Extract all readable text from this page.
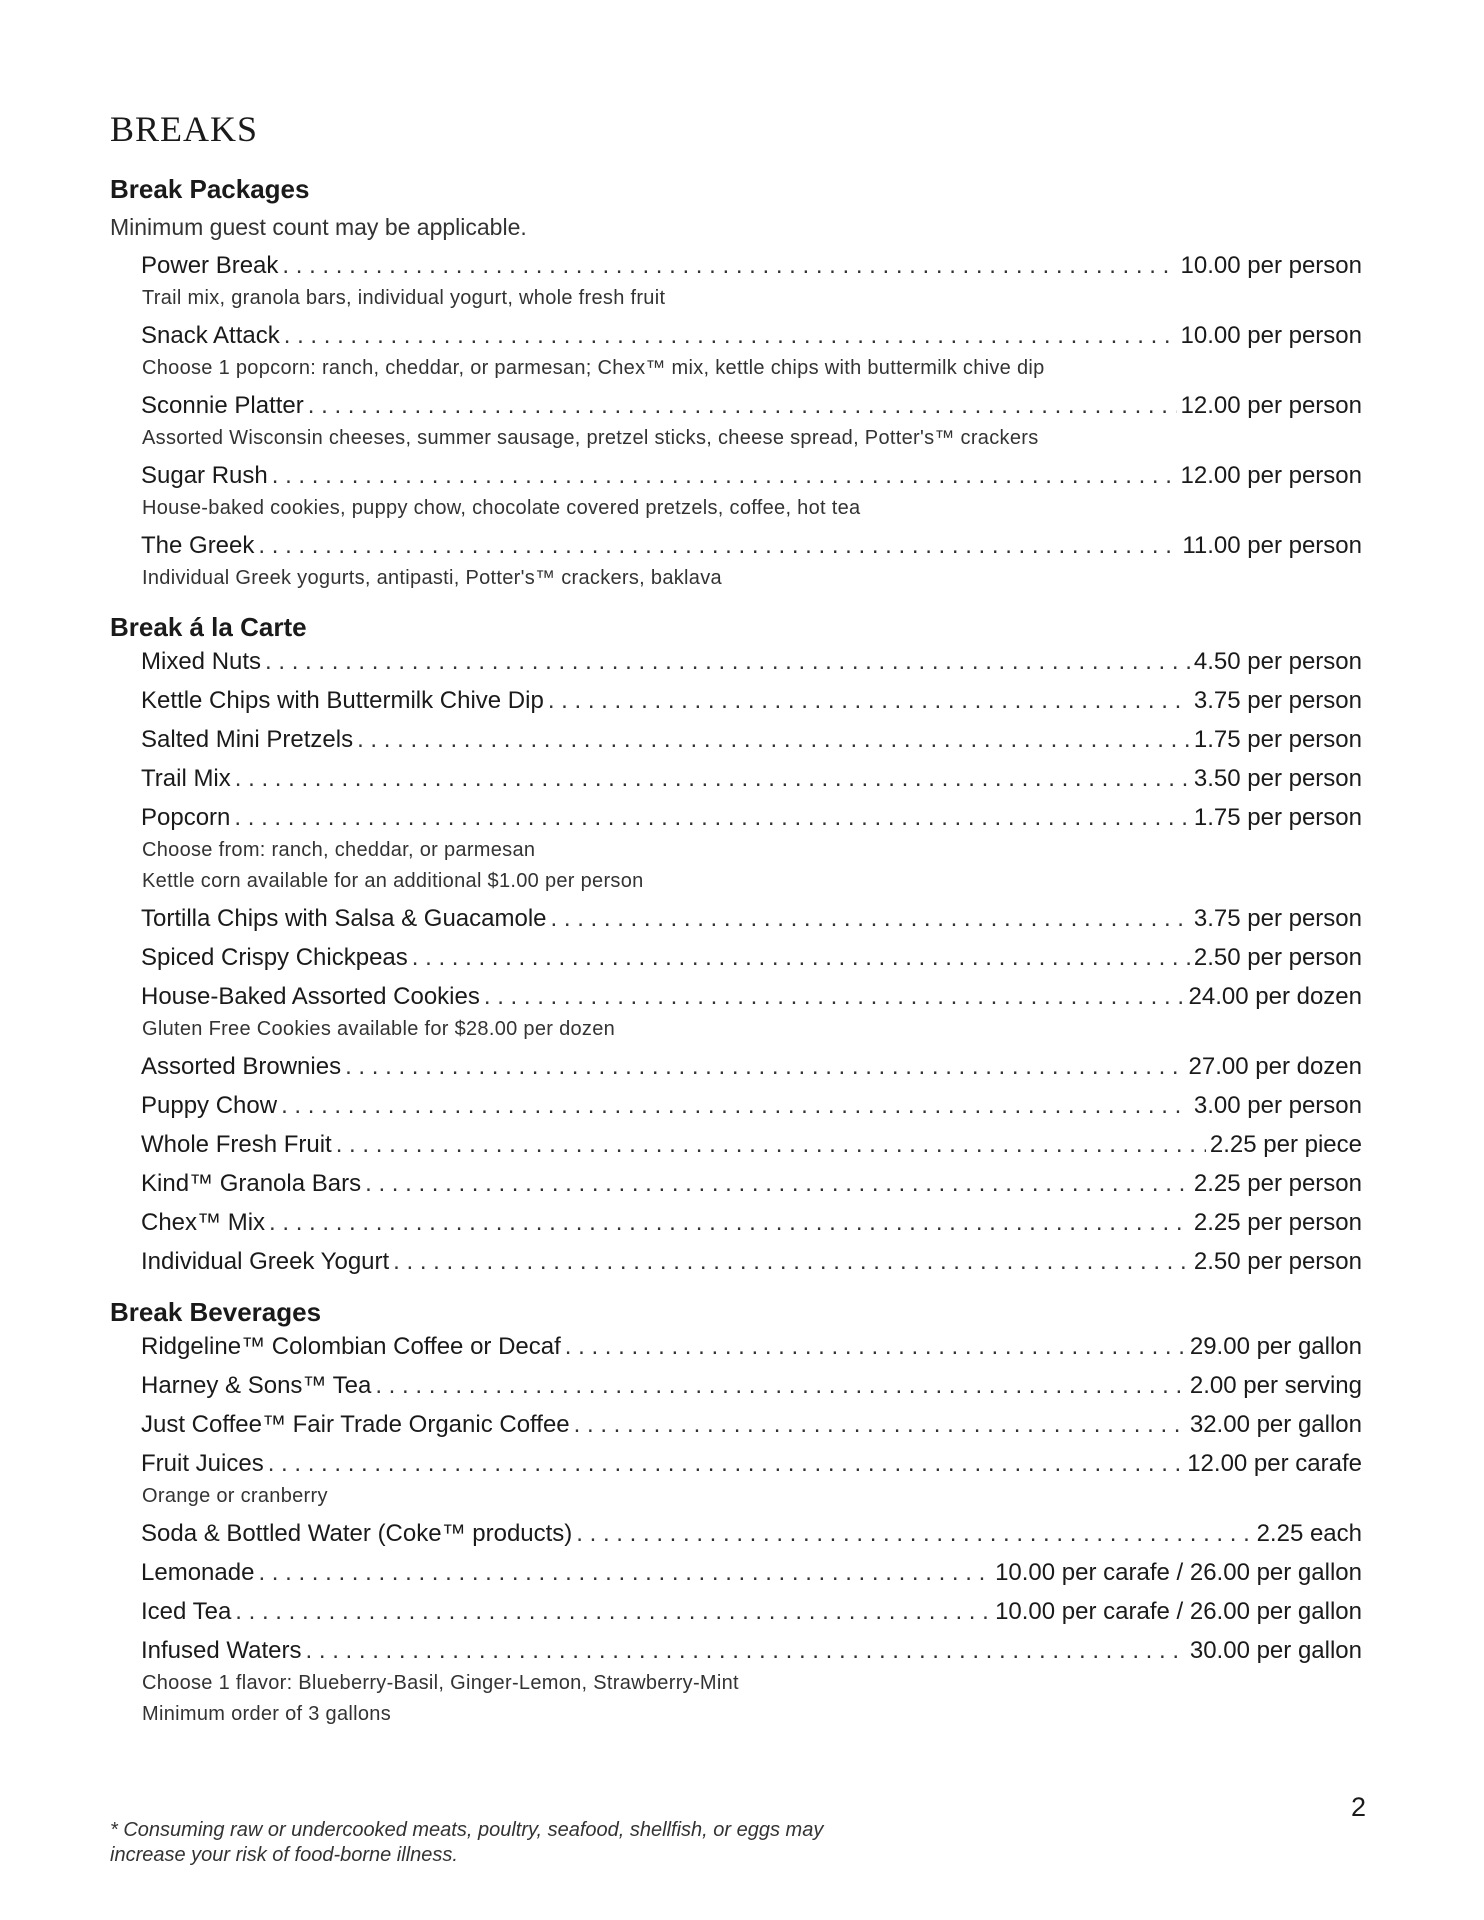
BREAKS
Break Packages
Minimum guest count may be applicable.
Power Break . . .	10.00 per person
Trail mix, granola bars, individual yogurt, whole fresh fruit
Snack Attack . . .	10.00 per person
Choose 1 popcorn: ranch, cheddar, or parmesan; Chex™ mix, kettle chips with buttermilk chive dip
Sconnie Platter . . .	12.00 per person
Assorted Wisconsin cheeses, summer sausage, pretzel sticks, cheese spread, Potter's™ crackers
Sugar Rush . . .	12.00 per person
House-baked cookies, puppy chow, chocolate covered pretzels, coffee, hot tea
The Greek . . .	11.00 per person
Individual Greek yogurts, antipasti, Potter's™ crackers, baklava
Break á la Carte
Mixed Nuts . . .	4.50 per person
Kettle Chips with Buttermilk Chive Dip . . .	3.75 per person
Salted Mini Pretzels . . .	1.75 per person
Trail Mix . . .	3.50 per person
Popcorn . . .	1.75 per person
Choose from: ranch, cheddar, or parmesan
Kettle corn available for an additional $1.00 per person
Tortilla Chips with Salsa & Guacamole . . .	3.75 per person
Spiced Crispy Chickpeas . . .	2.50 per person
House-Baked Assorted Cookies . . .	24.00 per dozen
Gluten Free Cookies available for $28.00 per dozen
Assorted Brownies . . .	27.00 per dozen
Puppy Chow . . .	3.00 per person
Whole Fresh Fruit . . .	2.25 per piece
Kind™ Granola Bars . . .	2.25 per person
Chex™ Mix . . .	2.25 per person
Individual Greek Yogurt . . .	2.50 per person
Break Beverages
Ridgeline™ Colombian Coffee or Decaf . . .	29.00 per gallon
Harney & Sons™ Tea . . .	2.00 per serving
Just Coffee™ Fair Trade Organic Coffee . . .	32.00 per gallon
Fruit Juices . . .	12.00 per carafe
Orange or cranberry
Soda & Bottled Water (Coke™ products) . . .	2.25 each
Lemonade . . .	10.00 per carafe / 26.00 per gallon
Iced Tea . . .	10.00 per carafe / 26.00 per gallon
Infused Waters . . .	30.00 per gallon
Choose 1 flavor: Blueberry-Basil, Ginger-Lemon, Strawberry-Mint
Minimum order of 3 gallons
2
* Consuming raw or undercooked meats, poultry, seafood, shellfish, or eggs may increase your risk of food-borne illness.
